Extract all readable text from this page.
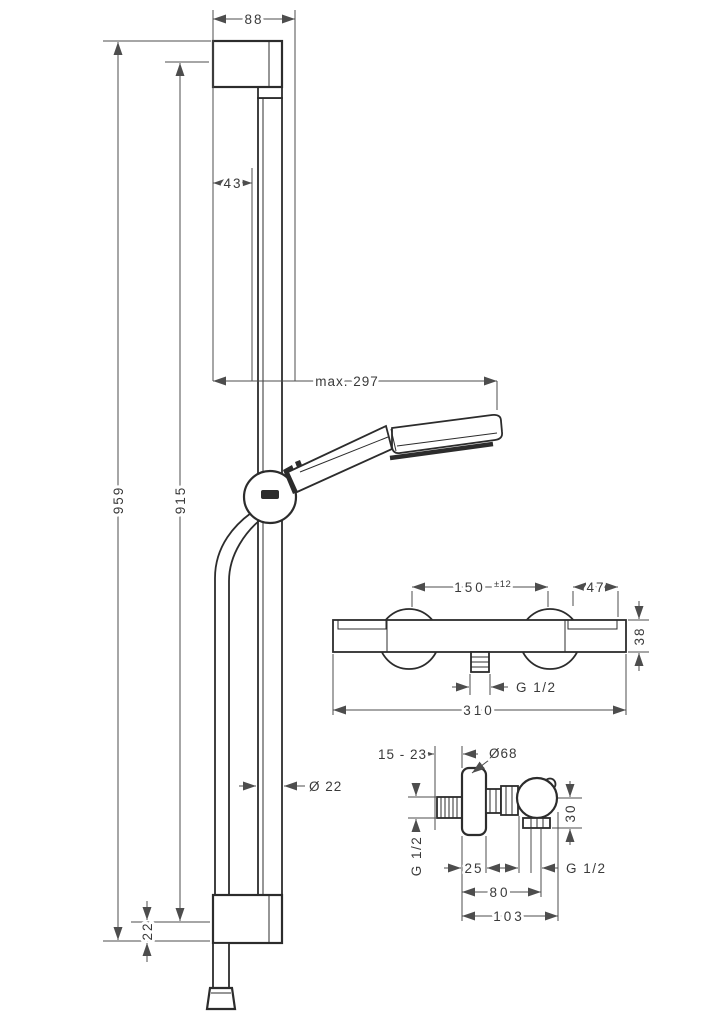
88
43
max. 297
959	915
22
Ø 22
150 ±12	47
38
G 1/2
310
15 - 23	Ø68
G 1/2
30
25	G 1/2
80
103
